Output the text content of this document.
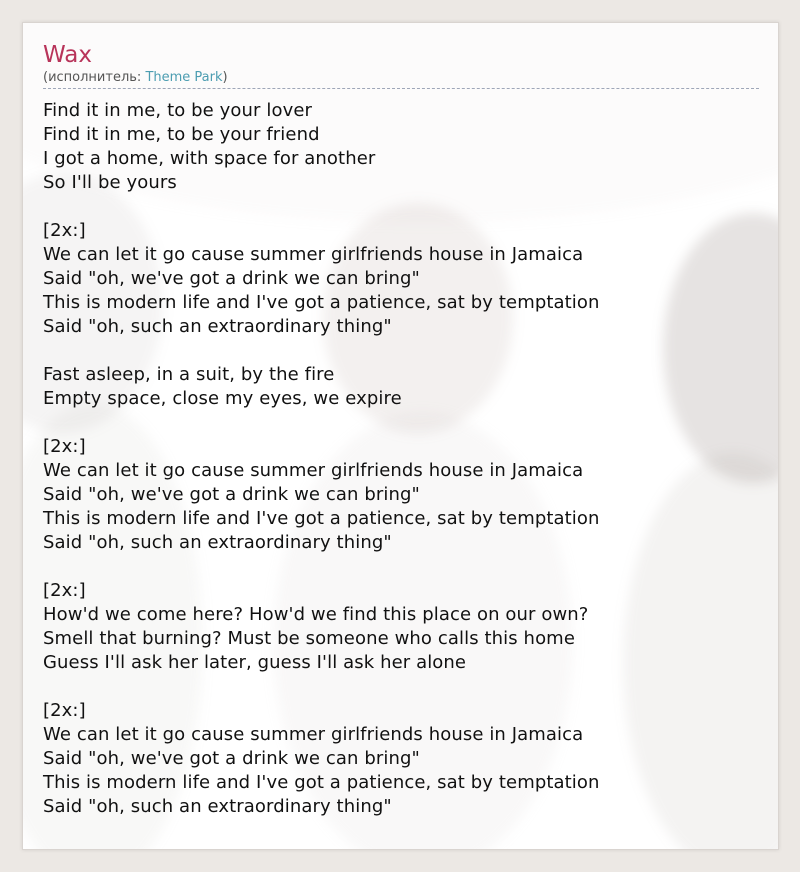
Wax
(исполнитель: Theme Park)
Find it in me, to be your lover
Find it in me, to be your friend
I got a home, with space for another
So I'll be yours
[2x:]
We can let it go cause summer girlfriends house in Jamaica
Said "oh, we've got a drink we can bring"
This is modern life and I've got a patience, sat by temptation
Said "oh, such an extraordinary thing"
Fast asleep, in a suit, by the fire
Empty space, close my eyes, we expire
[2x:]
We can let it go cause summer girlfriends house in Jamaica
Said "oh, we've got a drink we can bring"
This is modern life and I've got a patience, sat by temptation
Said "oh, such an extraordinary thing"
[2x:]
How'd we come here? How'd we find this place on our own?
Smell that burning? Must be someone who calls this home
Guess I'll ask her later, guess I'll ask her alone
[2x:]
We can let it go cause summer girlfriends house in Jamaica
Said "oh, we've got a drink we can bring"
This is modern life and I've got a patience, sat by temptation
Said "oh, such an extraordinary thing"
